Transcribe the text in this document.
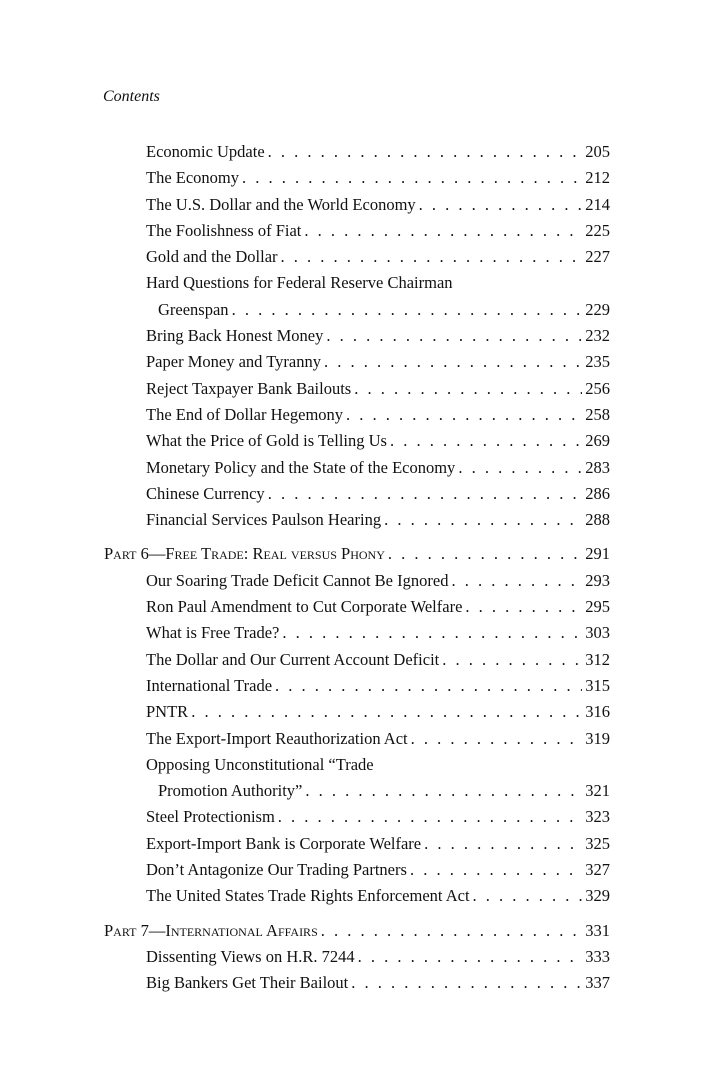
Contents
Economic Update . . .	205
The Economy . . .	212
The U.S. Dollar and the World Economy . . .	214
The Foolishness of Fiat . . .	225
Gold and the Dollar . . .	227
Hard Questions for Federal Reserve Chairman
Greenspan . . .	229
Bring Back Honest Money . . .	232
Paper Money and Tyranny . . .	235
Reject Taxpayer Bank Bailouts . . .	256
The End of Dollar Hegemony . . .	258
What the Price of Gold is Telling Us . . .	269
Monetary Policy and the State of the Economy . . .	283
Chinese Currency . . .	286
Financial Services Paulson Hearing . . .	288
Part 6—Free Trade: Real versus Phony . . .	291
Our Soaring Trade Deficit Cannot Be Ignored . . .	293
Ron Paul Amendment to Cut Corporate Welfare . . .	295
What is Free Trade? . . .	303
The Dollar and Our Current Account Deficit . . .	312
International Trade . . .	315
PNTR . . .	316
The Export-Import Reauthorization Act . . .	319
Opposing Unconstitutional “Trade
Promotion Authority” . . .	321
Steel Protectionism . . .	323
Export-Import Bank is Corporate Welfare . . .	325
Don’t Antagonize Our Trading Partners . . .	327
The United States Trade Rights Enforcement Act . . .	329
Part 7—International Affairs . . .	331
Dissenting Views on H.R. 7244 . . .	333
Big Bankers Get Their Bailout . . .	337
